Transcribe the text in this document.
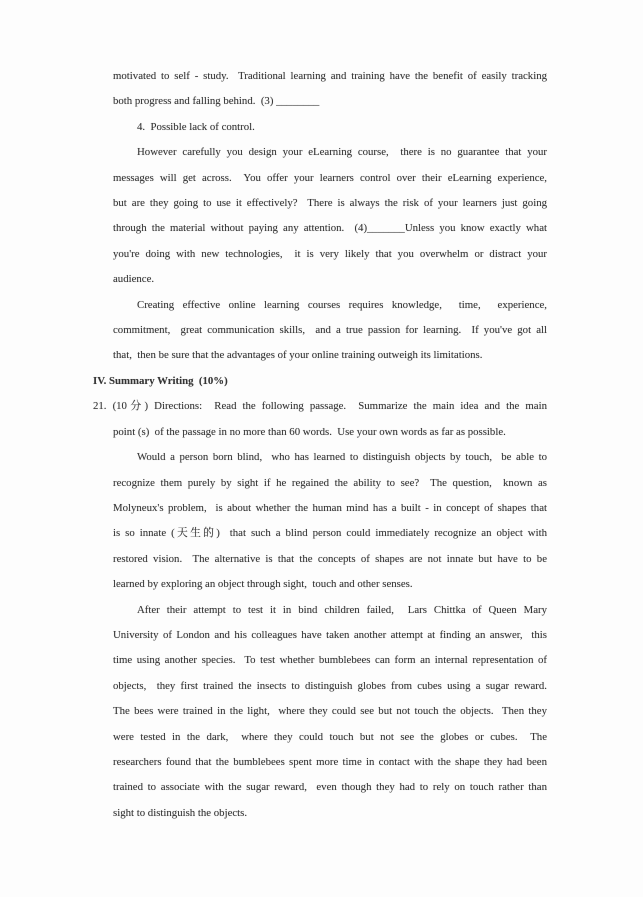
motivated to self - study.  Traditional learning and training have the benefit of easily tracking
both progress and falling behind.  (3) ________
4.  Possible lack of control.
However carefully you design your eLearning course,  there is no guarantee that your
messages will get across.  You offer your learners control over their eLearning experience,
but are they going to use it effectively?  There is always the risk of your learners just going
through the material without paying any attention.  (4)_______Unless you know exactly what
you're doing with new technologies,  it is very likely that you overwhelm or distract your
audience.
Creating effective online learning courses requires knowledge,  time,  experience,
commitment,  great communication skills,  and a true passion for learning.  If you've got all
that,  then be sure that the advantages of your online training outweigh its limitations.
IV. Summary Writing  (10%)
21. (10分) Directions:  Read the following passage.  Summarize the main idea and the main
point (s)  of the passage in no more than 60 words.  Use your own words as far as possible.
Would a person born blind,  who has learned to distinguish objects by touch,  be able to
recognize them purely by sight if he regained the ability to see?  The question,  known as
Molyneux's problem,  is about whether the human mind has a built - in concept of shapes that
is so innate (天生的)  that such a blind person could immediately recognize an object with
restored vision.  The alternative is that the concepts of shapes are not innate but have to be
learned by exploring an object through sight,  touch and other senses.
After their attempt to test it in bind children failed,  Lars Chittka of Queen Mary
University of London and his colleagues have taken another attempt at finding an answer,  this
time using another species.  To test whether bumblebees can form an internal representation of
objects,  they first trained the insects to distinguish globes from cubes using a sugar reward.
The bees were trained in the light,  where they could see but not touch the objects.  Then they
were tested in the dark,  where they could touch but not see the globes or cubes.  The
researchers found that the bumblebees spent more time in contact with the shape they had been
trained to associate with the sugar reward,  even though they had to rely on touch rather than
sight to distinguish the objects.
